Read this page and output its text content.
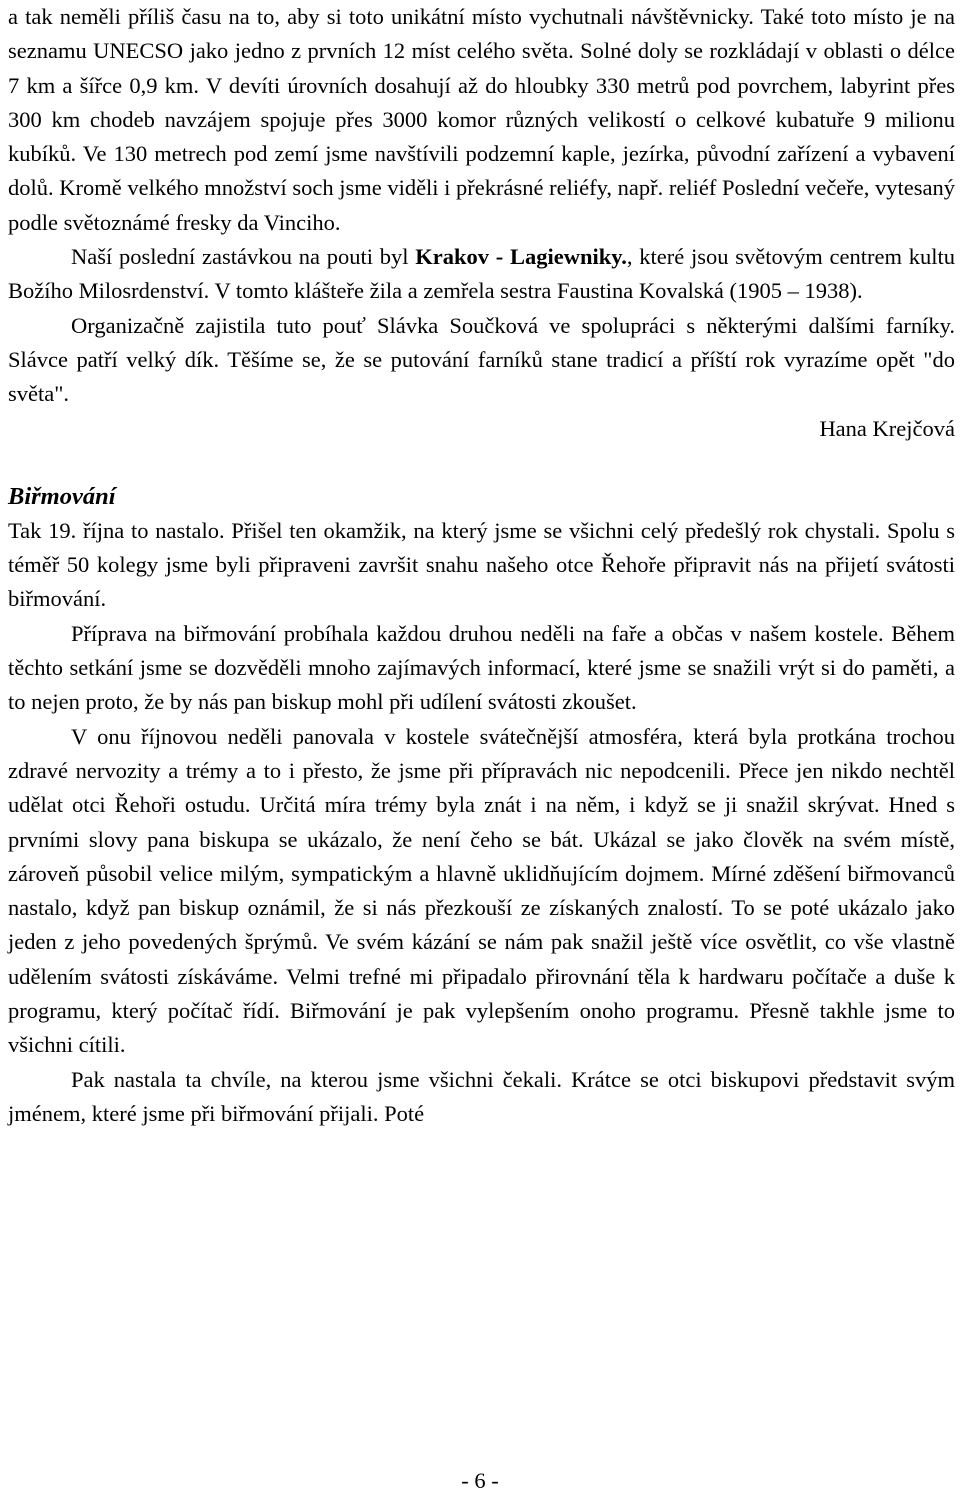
a tak neměli příliš času na to, aby si toto unikátní místo vychutnali návštěvnicky. Také toto místo je na seznamu UNECSO jako jedno z prvních 12 míst celého světa. Solné doly se rozkládají v oblasti o délce 7 km a šířce 0,9 km. V devíti úrovních dosahují až do hloubky 330 metrů pod povrchem, labyrint přes 300 km chodeb navzájem spojuje přes 3000 komor různých velikostí o celkové kubatuře 9 milionu kubíků. Ve 130 metrech pod zemí jsme navštívili podzemní kaple, jezírka, původní zařízení a vybavení dolů. Kromě velkého množství soch jsme viděli i překrásné reliéfy, např. reliéf Poslední večeře, vytesaný podle světoznámé fresky da Vinciho.

Naší poslední zastávkou na pouti byl Krakov - Lagiewniky., které jsou světovým centrem kultu Božího Milosrdenství. V tomto klášteře žila a zemřela sestra Faustina Kovalská (1905 – 1938).

Organizačně zajistila tuto pouť Slávka Součková ve spolupráci s některými dalšími farníky. Slávce patří velký dík. Těšíme se, že se putování farníků stane tradicí a příští rok vyrazíme opět "do světa".

Hana Krejčová

Biřmování

Tak 19. října to nastalo. Přišel ten okamžik, na který jsme se všichni celý předešlý rok chystali. Spolu s téměř 50 kolegy jsme byli připraveni završit snahu našeho otce Řehoře připravit nás na přijetí svátosti biřmování.

Příprava na biřmování probíhala každou druhou neděli na faře a občas v našem kostele. Během těchto setkání jsme se dozvěděli mnoho zajímavých informací, které jsme se snažili vrýt si do paměti, a to nejen proto, že by nás pan biskup mohl při udílení svátosti zkoušet.

V onu říjnovou neděli panovala v kostele svátečnější atmosféra, která byla protkána trochou zdravé nervozity a trémy a to i přesto, že jsme při přípravách nic nepodcenili. Přece jen nikdo nechtěl udělat otci Řehoři ostudu. Určitá míra trémy byla znát i na něm, i když se ji snažil skrývat. Hned s prvními slovy pana biskupa se ukázalo, že není čeho se bát. Ukázal se jako člověk na svém místě, zároveň působil velice milým, sympatickým a hlavně uklidňujícím dojmem. Mírné zděšení biřmovanců nastalo, když pan biskup oznámil, že si nás přezkouší ze získaných znalostí. To se poté ukázalo jako jeden z jeho povedených šprýmů. Ve svém kázání se nám pak snažil ještě více osvětlit, co vše vlastně udělením svátosti získáváme. Velmi trefné mi připadalo přirovnání těla k hardwaru počítače a duše k programu, který počítač řídí. Biřmování je pak vylepšením onoho programu. Přesně takhle jsme to všichni cítili.

Pak nastala ta chvíle, na kterou jsme všichni čekali. Krátce se otci biskupovi představit svým jménem, které jsme při biřmování přijali. Poté

- 6 -
